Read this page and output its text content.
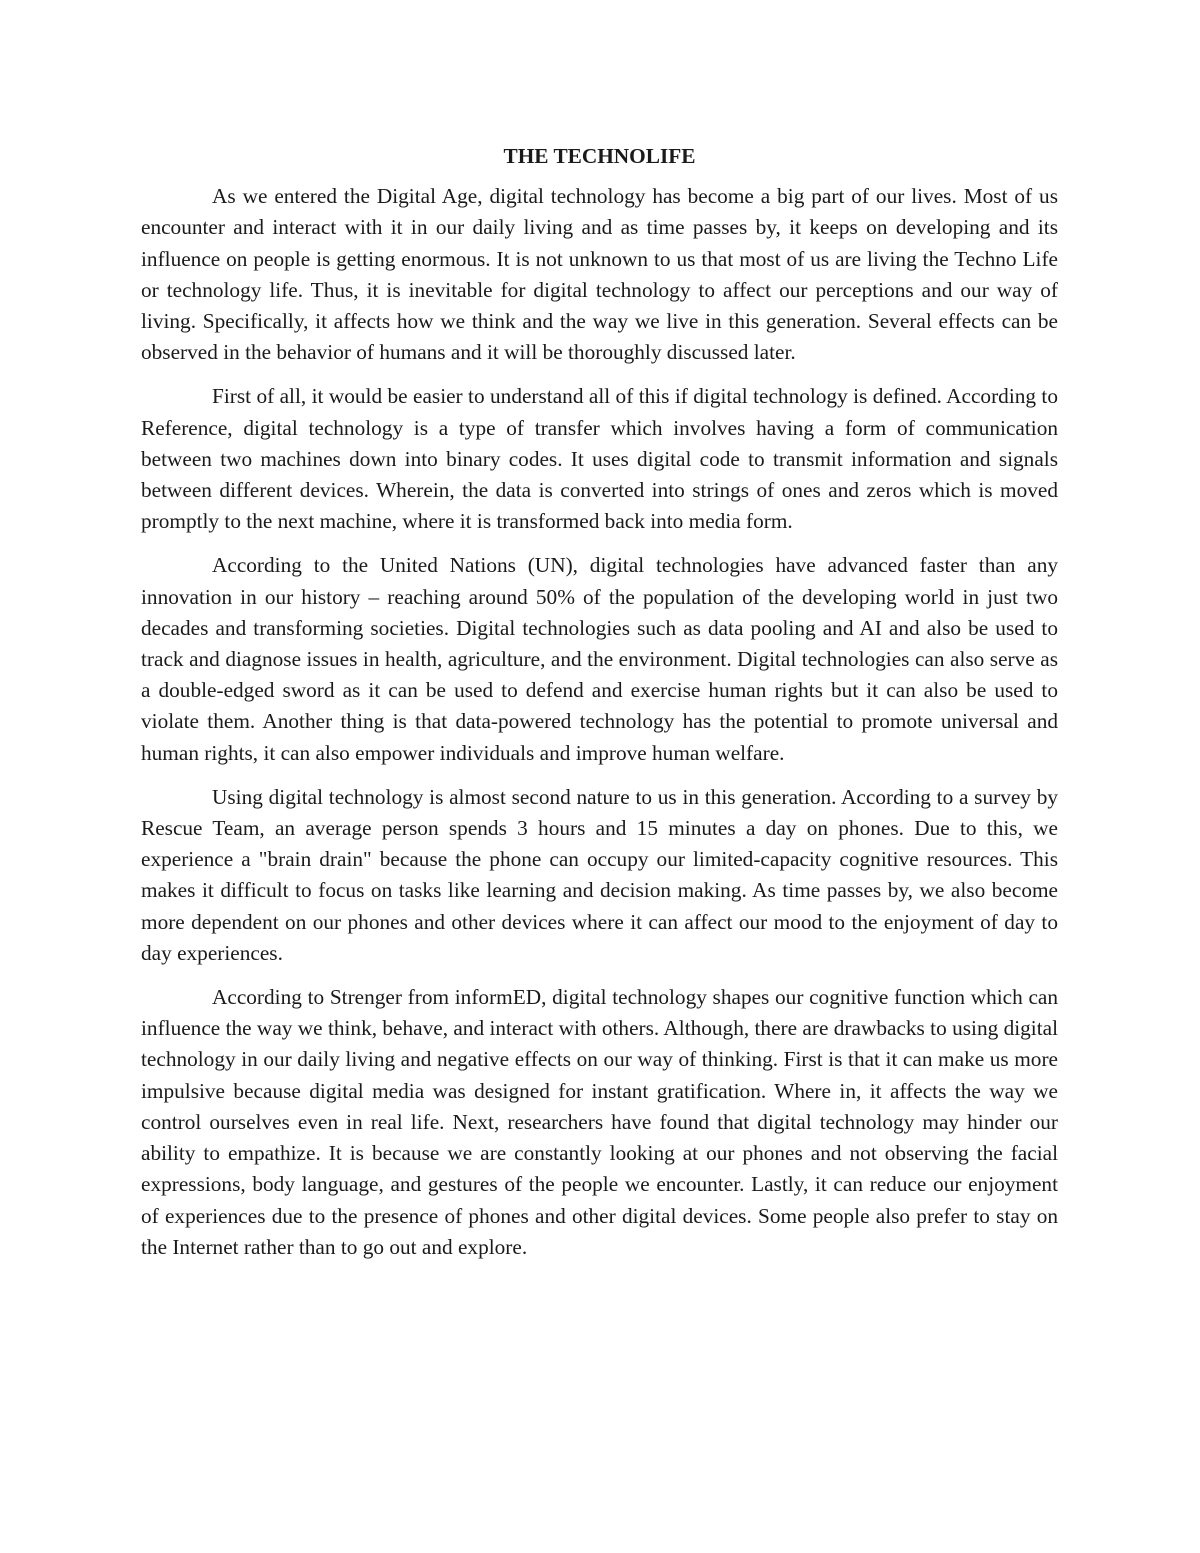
THE TECHNOLIFE

As we entered the Digital Age, digital technology has become a big part of our lives. Most of us encounter and interact with it in our daily living and as time passes by, it keeps on developing and its influence on people is getting enormous. It is not unknown to us that most of us are living the Techno Life or technology life. Thus, it is inevitable for digital technology to affect our perceptions and our way of living. Specifically, it affects how we think and the way we live in this generation. Several effects can be observed in the behavior of humans and it will be thoroughly discussed later.

First of all, it would be easier to understand all of this if digital technology is defined. According to Reference, digital technology is a type of transfer which involves having a form of communication between two machines down into binary codes. It uses digital code to transmit information and signals between different devices. Wherein, the data is converted into strings of ones and zeros which is moved promptly to the next machine, where it is transformed back into media form.

According to the United Nations (UN), digital technologies have advanced faster than any innovation in our history – reaching around 50% of the population of the developing world in just two decades and transforming societies. Digital technologies such as data pooling and AI and also be used to track and diagnose issues in health, agriculture, and the environment. Digital technologies can also serve as a double-edged sword as it can be used to defend and exercise human rights but it can also be used to violate them. Another thing is that data-powered technology has the potential to promote universal and human rights, it can also empower individuals and improve human welfare.

Using digital technology is almost second nature to us in this generation. According to a survey by Rescue Team, an average person spends 3 hours and 15 minutes a day on phones. Due to this, we experience a "brain drain" because the phone can occupy our limited-capacity cognitive resources. This makes it difficult to focus on tasks like learning and decision making. As time passes by, we also become more dependent on our phones and other devices where it can affect our mood to the enjoyment of day to day experiences.

According to Strenger from informED, digital technology shapes our cognitive function which can influence the way we think, behave, and interact with others. Although, there are drawbacks to using digital technology in our daily living and negative effects on our way of thinking. First is that it can make us more impulsive because digital media was designed for instant gratification. Where in, it affects the way we control ourselves even in real life. Next, researchers have found that digital technology may hinder our ability to empathize. It is because we are constantly looking at our phones and not observing the facial expressions, body language, and gestures of the people we encounter. Lastly, it can reduce our enjoyment of experiences due to the presence of phones and other digital devices. Some people also prefer to stay on the Internet rather than to go out and explore.
